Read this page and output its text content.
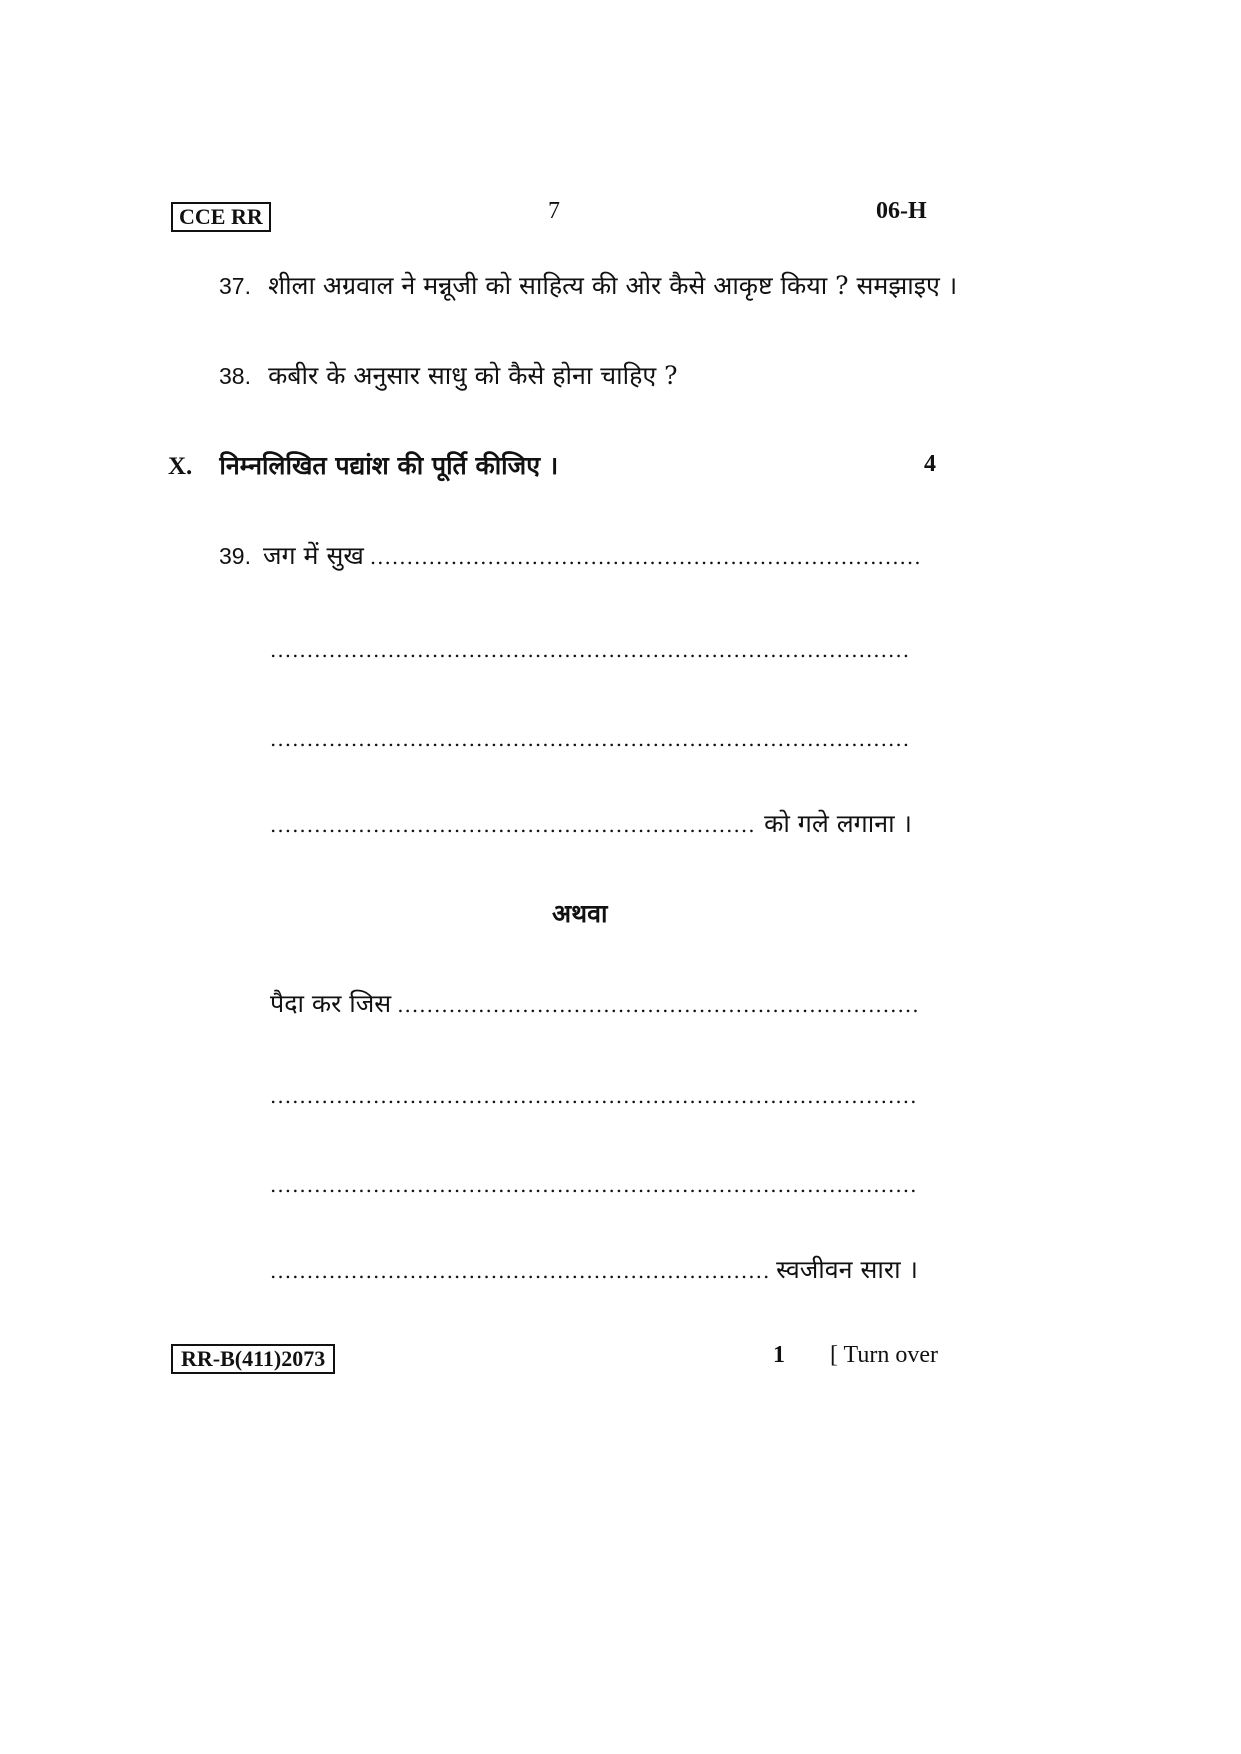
CCE RR	7	06-H
37. शीला अग्रवाल ने मन्नूजी को साहित्य की ओर कैसे आकृष्ट किया ? समझाइए ।
38. कबीर के अनुसार साधु को कैसे होना चाहिए ?
X. निम्नलिखित पद्यांश की पूर्ति कीजिए ।	4
39. जग में सुख
.....
.....
.....
.....
को गले लगाना ।
अथवा
पैदा कर जिस
.....
.....
.....
.....
स्वजीवन सारा ।
RR-B(411)2073	1 [ Turn over
